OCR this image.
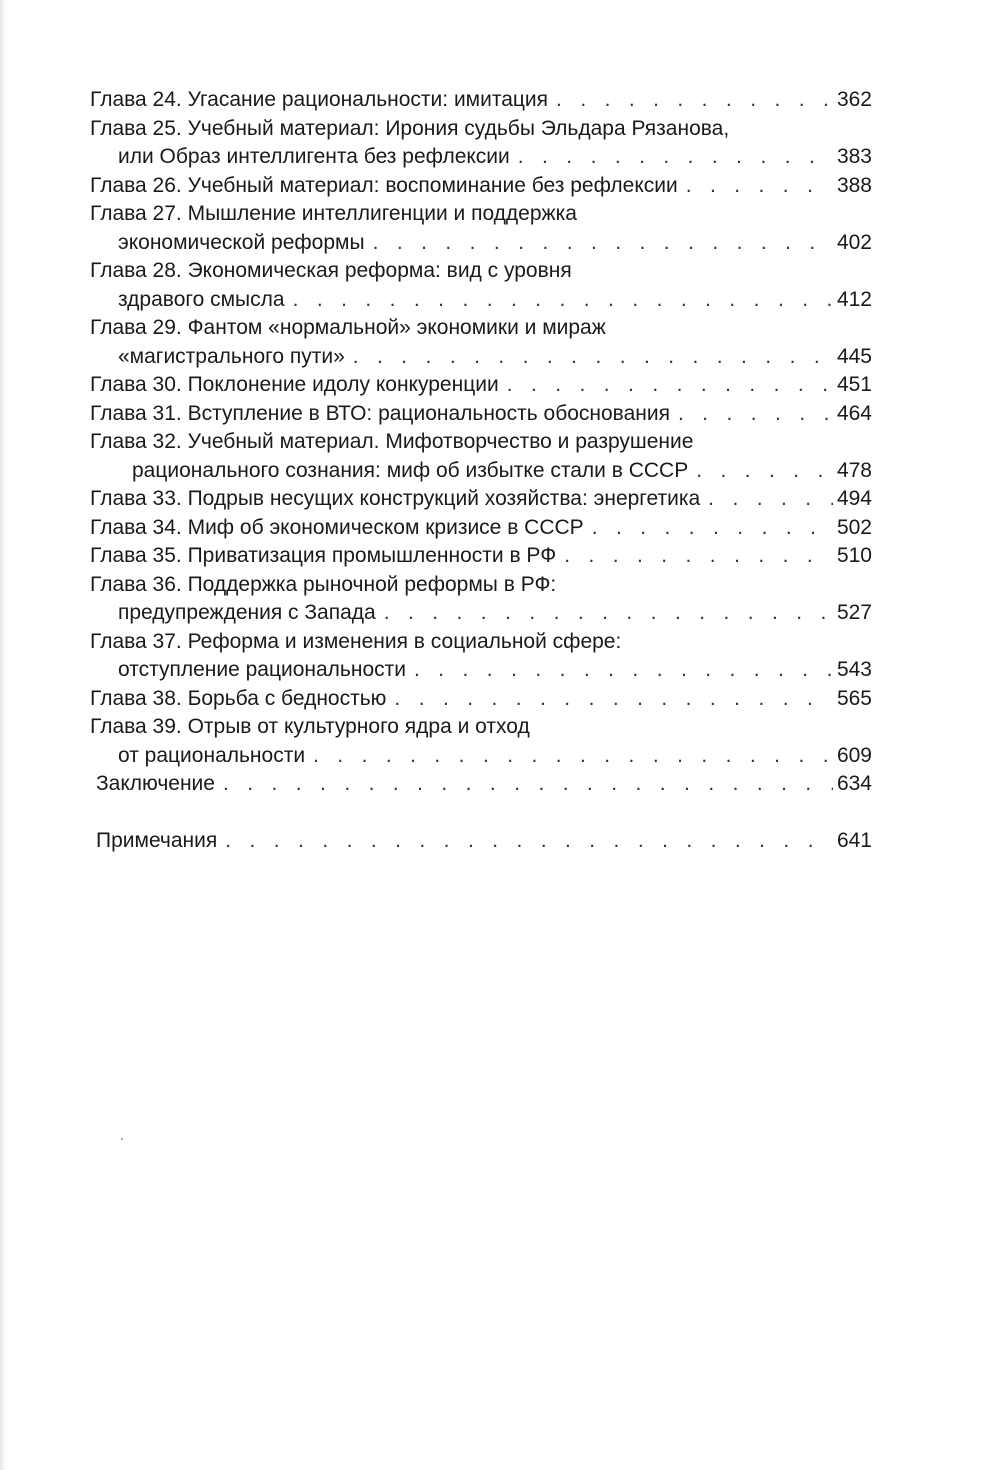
Глава 24. Угасание рациональности: имитация . . .	362
Глава 25. Учебный материал: Ирония судьбы Эльдара Рязанова,
или Образ интеллигента без рефлексии . . .	383
Глава 26. Учебный материал: воспоминание без рефлексии . . .	388
Глава 27. Мышление интеллигенции и поддержка
экономической реформы . . .	402
Глава 28. Экономическая реформа: вид с уровня
здравого смысла . . .	412
Глава 29. Фантом «нормальной» экономики и мираж
«магистрального пути» . . .	445
Глава 30. Поклонение идолу конкуренции . . .	451
Глава 31. Вступление в ВТО: рациональность обоснования . . .	464
Глава 32. Учебный материал. Мифотворчество и разрушение
рационального сознания: миф об избытке стали в СССР . . .	478
Глава 33. Подрыв несущих конструкций хозяйства: энергетика . . .	494
Глава 34. Миф об экономическом кризисе в СССР . . .	502
Глава 35. Приватизация промышленности в РФ . . .	510
Глава 36. Поддержка рыночной реформы в РФ:
предупреждения с Запада . . .	527
Глава 37. Реформа и изменения в социальной сфере:
отступление рациональности . . .	543
Глава 38. Борьба с бедностью . . .	565
Глава 39. Отрыв от культурного ядра и отход
от рациональности . . .	609
Заключение . . .	634
Примечания . . .	641
